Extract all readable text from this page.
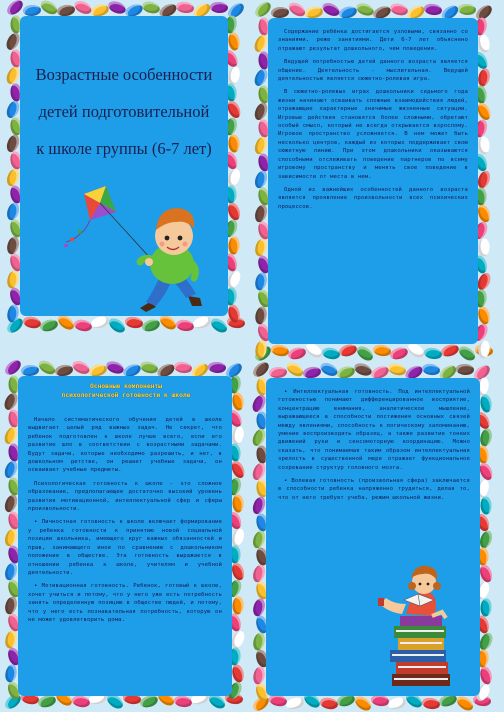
Возрастные особенности
детей подготовительной
к школе группы (6-7 лет)

Содержание ребёнка достигается узловыми, связанно со знаниями, реже занятиями. Дети 6-7 лет объяснено отражают результат дошкольного, чем поведения.

Ведущей потребностью детей данного возраста является общение. Деятельность - мыслительная. Ведущей деятельностью является сюжетно-ролевая игра.

В сюжетно-ролевых играх дошкольники седьмого года жизни начинают осваивать сложные взаимодействия людей, отражающие характерные значимые жизненные ситуации. Игровые действия становятся более сложными, обретают особый смысл, который не всегда открывается взрослому. Игровое пространство усложняется. В нем может быть несколько центров, каждый из которых поддерживает свою сюжетную линию. При этом дошкольники оказываются способными отслеживать поведение партнеров по всему игровому пространству и менять свое поведение в зависимости от места в нем.

Одной из важнейших особенностей данного возраста является проявление произвольности всех психических процессов.

Основные компоненты
психологической готовности к школе

Начало систематического обучения детей в школе выдвигает целый ряд важных задач. Не секрет, что ребенок подготовлен к школе лучше всего, если его развитие шло в соответствии с возрастными задачами. Будут задачи, которые необходимо разрешить, и нет, в дошкольном детстве, он решает учебные задачи, он осваивает учебные предметы.

Психологическая готовность к школе - это сложное образование, предполагающее достаточно высокий уровень развития мотивационной, интеллектуальной сфер и сферы произвольности.

• Личностная готовность к школе включает формирование у ребенка готовности к принятию новой социальной позиции школьника, имеющего круг важных обязанностей и прав, занимающего иное по сравнению с дошкольником положение в обществе. Эта готовность выражается в отношении ребенка к школе, учителям и учебной деятельности.

• Мотивационная готовность. Ребенок, готовый к школе, хочет учиться и потому, что у него уже есть потребность занять определенную позицию в обществе людей, и потому, что у него есть познавательная потребность, которую он не может удовлетворить дома.

• Интеллектуальная готовность. Под интеллектуальной готовностью понимают дифференцированное восприятие, концентрацию внимания, аналитическое мышление, выражающееся в способности постижения основных связей между явлениями, способность к логическому запоминанию, умение воспроизводить образец, а также развитие тонких движений руки и сенсомоторную координацию. Можно сказать, что понимаемая таким образом интеллектуальная зрелость в существенной мере отражает функциональное созревание структур головного мозга.

• Волевая готовность (произвольная сфера) заключается в способности ребенка напряженно трудиться, делая то, что от него требует учеба, режим школьной жизни.
